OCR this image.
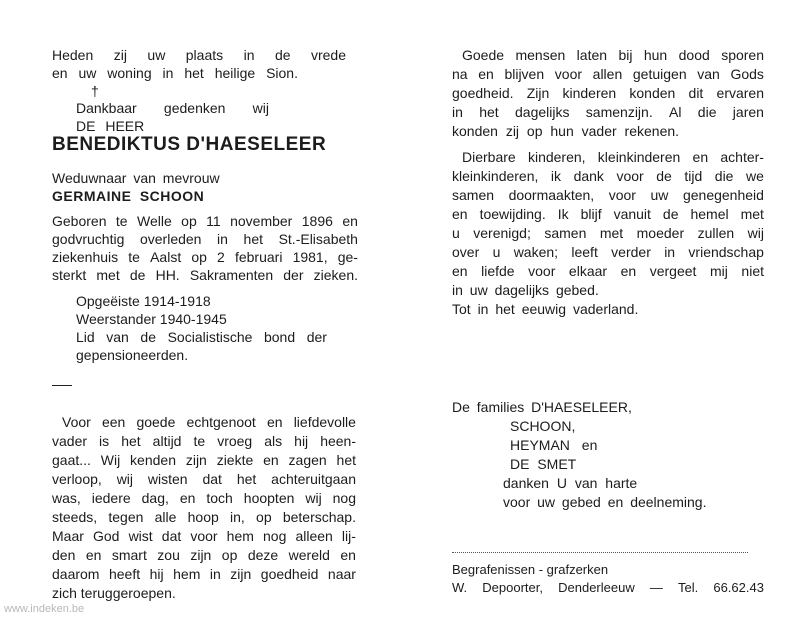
Heden zij uw plaats in de vrede
en uw woning in het heilige Sion.
†
Dankbaar gedenken wij
DE HEER
BENEDIKTUS D'HAESELEER
Weduwnaar van mevrouw
GERMAINE SCHOON
Geboren te Welle op 11 november 1896 en
godvruchtig overleden in het St.-Elisabeth
ziekenhuis te Aalst op 2 februari 1981, ge-
sterkt met de HH. Sakramenten der zieken.
Opgeëiste 1914-1918
Weerstander 1940-1945
Lid van de Socialistische bond der
gepensioneerden.
Voor een goede echtgenoot en liefdevolle
vader is het altijd te vroeg als hij heen-
gaat... Wij kenden zijn ziekte en zagen het
verloop, wij wisten dat het achteruitgaan
was, iedere dag, en toch hoopten wij nog
steeds, tegen alle hoop in, op beterschap.
Maar God wist dat voor hem nog alleen lij-
den en smart zou zijn op deze wereld en
daarom heeft hij hem in zijn goedheid naar
zich teruggeroepen.
Goede mensen laten bij hun dood sporen
na en blijven voor allen getuigen van Gods
goedheid. Zijn kinderen konden dit ervaren
in het dagelijks samenzijn. Al die jaren
konden zij op hun vader rekenen.
Dierbare kinderen, kleinkinderen en achter-
kleinkinderen, ik dank voor de tijd die we
samen doormaakten, voor uw genegenheid
en toewijding. Ik blijf vanuit de hemel met
u verenigd; samen met moeder zullen wij
over u waken; leeft verder in vriendschap
en liefde voor elkaar en vergeet mij niet
in uw dagelijks gebed.
Tot in het eeuwig vaderland.
De families D'HAESELEER,
SCHOON,
HEYMAN en
DE SMET
danken U van harte
voor uw gebed en deelneming.
Begrafenissen - grafzerken
W. Depoorter, Denderleeuw — Tel. 66.62.43
www.indeken.be
